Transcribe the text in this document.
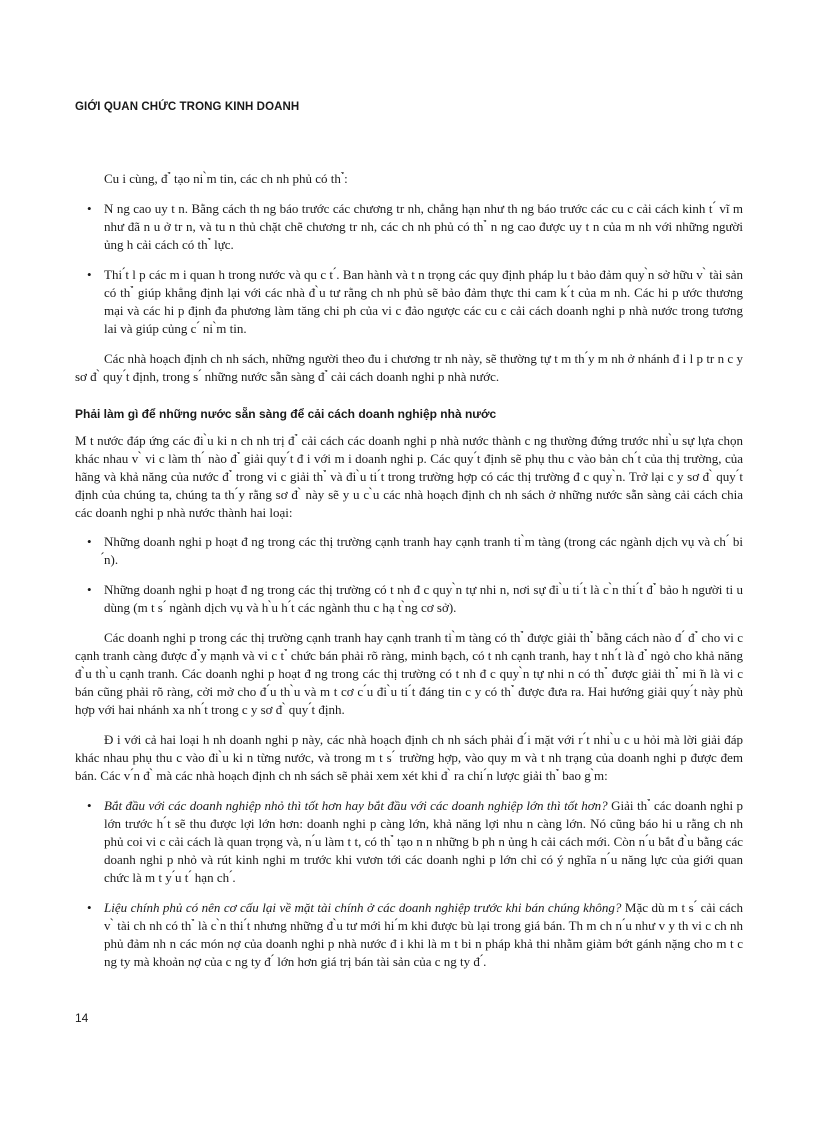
GIỚI QUAN CHỨC TRONG KINH DOANH

Cu i cùng, đ ̉ tạo ni ̀m tin, các ch nh phủ có th ̉:

• N ng cao uy t n. Bằng cách th ng báo trước các chương tr nh, chẳng hạn như th ng báo trước các cu c cải cách kinh t ́ vĩ m như đã n u ở tr n, và tu n thủ chặt chẽ chương tr nh, các ch nh phủ có th ̉ n ng cao được uy t n của m nh với những người ủng h cải cách có th ̉ lực.
• Thi ́t l p các m i quan h trong nước và qu c t ́. Ban hành và t n trọng các quy định pháp lu t bảo đảm quy ̀n sở hữu v ̀ tài sản có th ̉ giúp khẳng định lại với các nhà đ ̀u tư rằng ch nh phủ sẽ bảo đảm thực thi cam k ́t của m nh. Các hi p ước thương mại và các hi p định đa phương làm tăng chi ph của vi c đảo ngược các cu c cải cách doanh nghi p nhà nước trong tương lai và giúp củng c ́ ni ̀m tin.

Các nhà hoạch định ch nh sách, những người theo đu i chương tr nh này, sẽ thường tự t m th ́y m nh ở nhánh đ i l p tr n c y sơ đ ̀ quy ́t định, trong s ́ những nước sẵn sàng đ ̉ cải cách doanh nghi p nhà nước.

Phải làm gì để những nước sẵn sàng để cải cách doanh nghiệp nhà nước

M t nước đáp ứng các đi ̀u ki n ch nh trị đ ̉ cải cách các doanh nghi p nhà nước thành c ng thường đứng trước nhi ̀u sự lựa chọn khác nhau v ̀ vi c làm th ́ nào đ ̉ giải quy ́t đ i với m i doanh nghi p. Các quy ́t định sẽ phụ thu c vào bản ch ́t của thị trường, của hãng và khả năng của nước đ ̉ trong vi c giải th ̉ và đi ̀u ti ́t trong trường hợp có các thị trường đ c quy ̀n. Trở lại c y sơ đ ̀ quy ́t định của chúng ta, chúng ta th ́y rằng sơ đ ̀ này sẽ y u c ̀u các nhà hoạch định ch nh sách ở những nước sẵn sàng cải cách chia các doanh nghi p nhà nước thành hai loại:

• Những doanh nghi p hoạt đ ng trong các thị trường cạnh tranh hay cạnh tranh ti ̀m tàng (trong các ngành dịch vụ và ch ́ bi ́n).
• Những doanh nghi p hoạt đ ng trong các thị trường có t nh đ c quy ̀n tự nhi n, nơi sự đi ̀u ti ́t là c ̀n thi ́t đ ̉ bảo h người ti u dùng (m t s ́ ngành dịch vụ và h ̀u h ́t các ngành thu c hạ t ̀ng cơ sở).

Các doanh nghi p trong các thị trường cạnh tranh hay cạnh tranh ti ̀m tàng có th ̉ được giải th ̉ bằng cách nào đ ́ đ ̉ cho vi c cạnh tranh càng được đ ̉y mạnh và vi c t ̉ chức bán phải rõ ràng, minh bạch, có t nh cạnh tranh, hay t nh ́t là đ ̉ ngỏ cho khả năng đ ̀u th ̀u cạnh tranh. Các doanh nghi p hoạt đ ng trong các thị trường có t nh đ c quy ̀n tự nhi n có th ̉ được giải th ̉ mi ̃n là vi c bán cũng phải rõ ràng, cởi mở cho đ ́u th ̀u và m t cơ c ́u đi ̀u ti ́t đáng tin c y có th ̉ được đưa ra. Hai hướng giải quy ́t này phù hợp với hai nhánh xa nh ́t trong c y sơ đ ̀ quy ́t định.

Đ i với cả hai loại h nh doanh nghi p này, các nhà hoạch định ch nh sách phải đ ́i mặt với r ́t nhi ̀u c u hỏi mà lời giải đáp khác nhau phụ thu c vào đi ̀u ki n từng nước, và trong m t s ́ trường hợp, vào quy m và t nh trạng của doanh nghi p được đem bán. Các v ́n đ ̀ mà các nhà hoạch định ch nh sách sẽ phải xem xét khi đ ̀ ra chi ́n lược giải th ̉ bao g ̀m:

• Bắt đầu với các doanh nghiệp nhỏ thì tốt hơn hay bắt đầu với các doanh nghiệp lớn thì tốt hơn? Giải th ̉ các doanh nghi p lớn trước h ́t sẽ thu được lợi lớn hơn: doanh nghi p càng lớn, khả năng lợi nhu n càng lớn. Nó cũng báo hi u rằng ch nh phủ coi vi c cải cách là quan trọng và, n ́u làm t t, có th ̉ tạo n n những b ph n ủng h cải cách mới. Còn n ́u bắt đ ̀u bằng các doanh nghi p nhỏ và rút kinh nghi m trước khi vươn tới các doanh nghi p lớn chỉ có ý nghĩa n ́u năng lực của giới quan chức là m t y ́u t ́ hạn ch ́.
• Liệu chính phủ có nên cơ cấu lại về mặt tài chính ở các doanh nghiệp trước khi bán chúng không? Mặc dù m t s ́ cải cách v ̀ tài ch nh có th ̉ là c ̀n thi ́t nhưng những đ ̀u tư mới hi ́m khi được bù lại trong giá bán. Th m ch n ́u như v y th vi c ch nh phủ đảm nh n các món nợ của doanh nghi p nhà nước đ i khi là m t bi n pháp khả thi nhằm giảm bớt gánh nặng cho m t c ng ty mà khoản nợ của c ng ty đ ́ lớn hơn giá trị bán tài sản của c ng ty đ ́.
14
